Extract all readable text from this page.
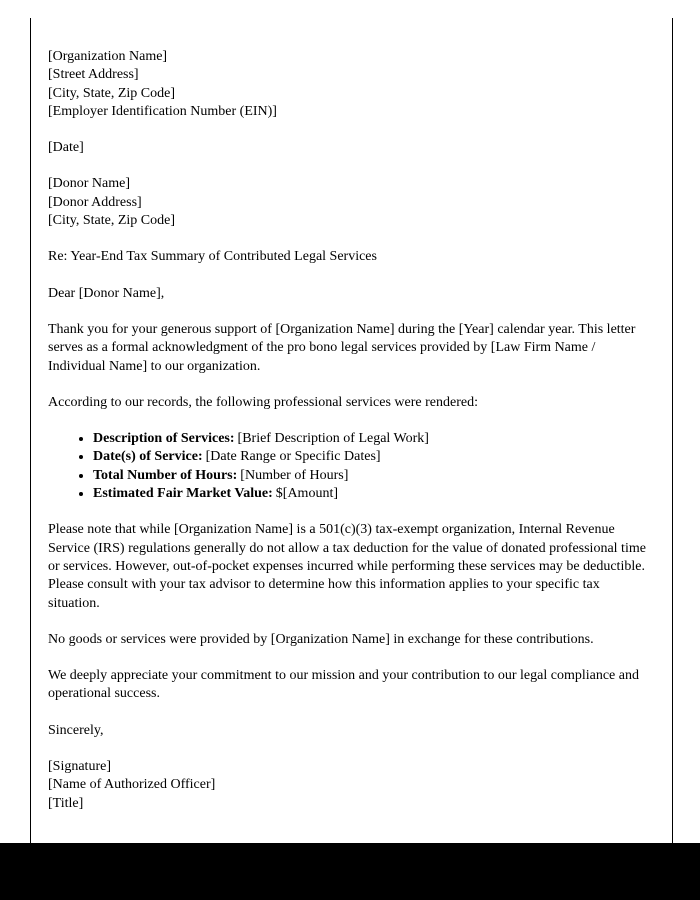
[Organization Name]
[Street Address]
[City, State, Zip Code]
[Employer Identification Number (EIN)]
[Date]
[Donor Name]
[Donor Address]
[City, State, Zip Code]

Re: Year-End Tax Summary of Contributed Legal Services

Dear [Donor Name],

Thank you for your generous support of [Organization Name] during the [Year] calendar year. This letter serves as a formal acknowledgment of the pro bono legal services provided by [Law Firm Name / Individual Name] to our organization.

According to our records, the following professional services were rendered:

• Description of Services: [Brief Description of Legal Work]
• Date(s) of Service: [Date Range or Specific Dates]
• Total Number of Hours: [Number of Hours]
• Estimated Fair Market Value: $[Amount]

Please note that while [Organization Name] is a 501(c)(3) tax-exempt organization, Internal Revenue Service (IRS) regulations generally do not allow a tax deduction for the value of donated professional time or services. However, out-of-pocket expenses incurred while performing these services may be deductible. Please consult with your tax advisor to determine how this information applies to your specific tax situation.

No goods or services were provided by [Organization Name] in exchange for these contributions.

We deeply appreciate your commitment to our mission and your contribution to our legal compliance and operational success.

Sincerely,

[Signature]
[Name of Authorized Officer]
[Title]
